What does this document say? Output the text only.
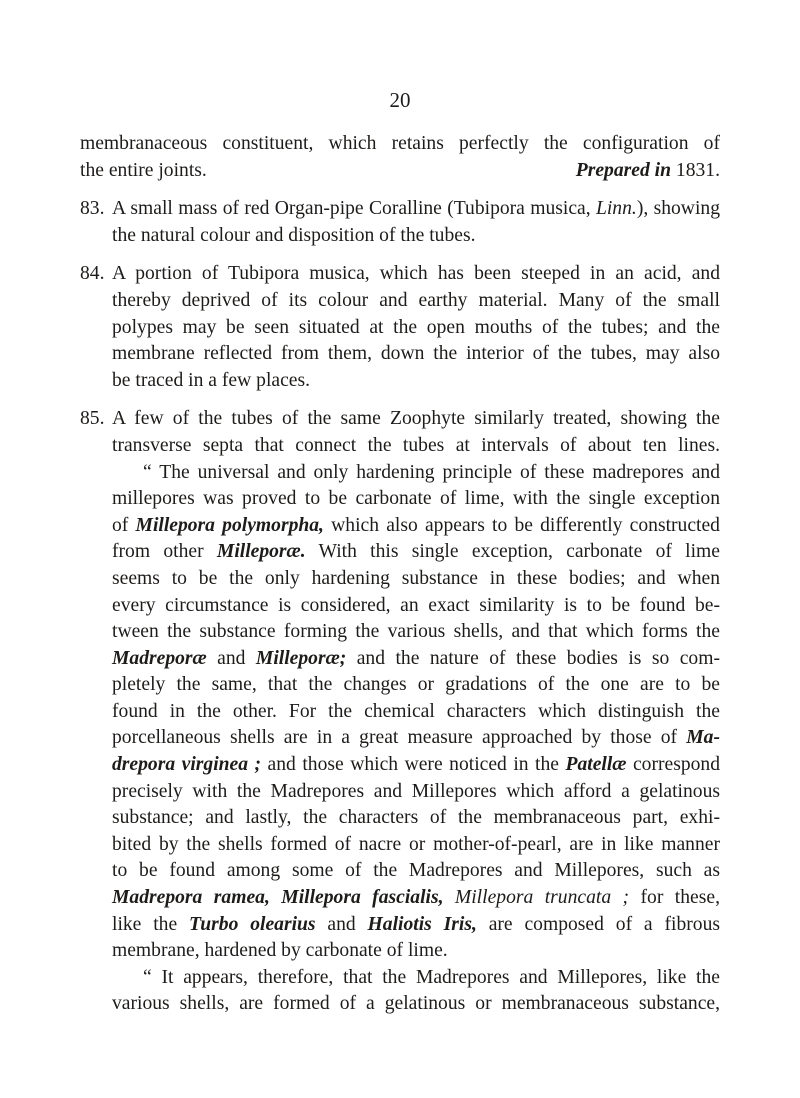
20
membranaceous constituent, which retains perfectly the configuration of
the entire joints.	Prepared in 1831.
83. A small mass of red Organ-pipe Coralline (Tubipora musica, Linn.), showing
the natural colour and disposition of the tubes.
84. A portion of Tubipora musica, which has been steeped in an acid, and
thereby deprived of its colour and earthy material. Many of the small
polypes may be seen situated at the open mouths of the tubes; and the
membrane reflected from them, down the interior of the tubes, may also
be traced in a few places.
85. A few of the tubes of the same Zoophyte similarly treated, showing the
transverse septa that connect the tubes at intervals of about ten lines.
“ The universal and only hardening principle of these madrepores and
millepores was proved to be carbonate of lime, with the single exception
of Millepora polymorpha, which also appears to be differently constructed
from other Milleporæ. With this single exception, carbonate of lime
seems to be the only hardening substance in these bodies; and when
every circumstance is considered, an exact similarity is to be found be-
tween the substance forming the various shells, and that which forms the
Madreporæ and Milleporæ; and the nature of these bodies is so com-
pletely the same, that the changes or gradations of the one are to be
found in the other. For the chemical characters which distinguish the
porcellaneous shells are in a great measure approached by those of Ma-
drepora virginea ; and those which were noticed in the Patellæ correspond
precisely with the Madrepores and Millepores which afford a gelatinous
substance; and lastly, the characters of the membranaceous part, exhi-
bited by the shells formed of nacre or mother-of-pearl, are in like manner
to be found among some of the Madrepores and Millepores, such as
Madrepora ramea, Millepora fascialis, Millepora truncata ; for these,
like the Turbo olearius and Haliotis Iris, are composed of a fibrous
membrane, hardened by carbonate of lime.
“ It appears, therefore, that the Madrepores and Millepores, like the
various shells, are formed of a gelatinous or membranaceous substance,
